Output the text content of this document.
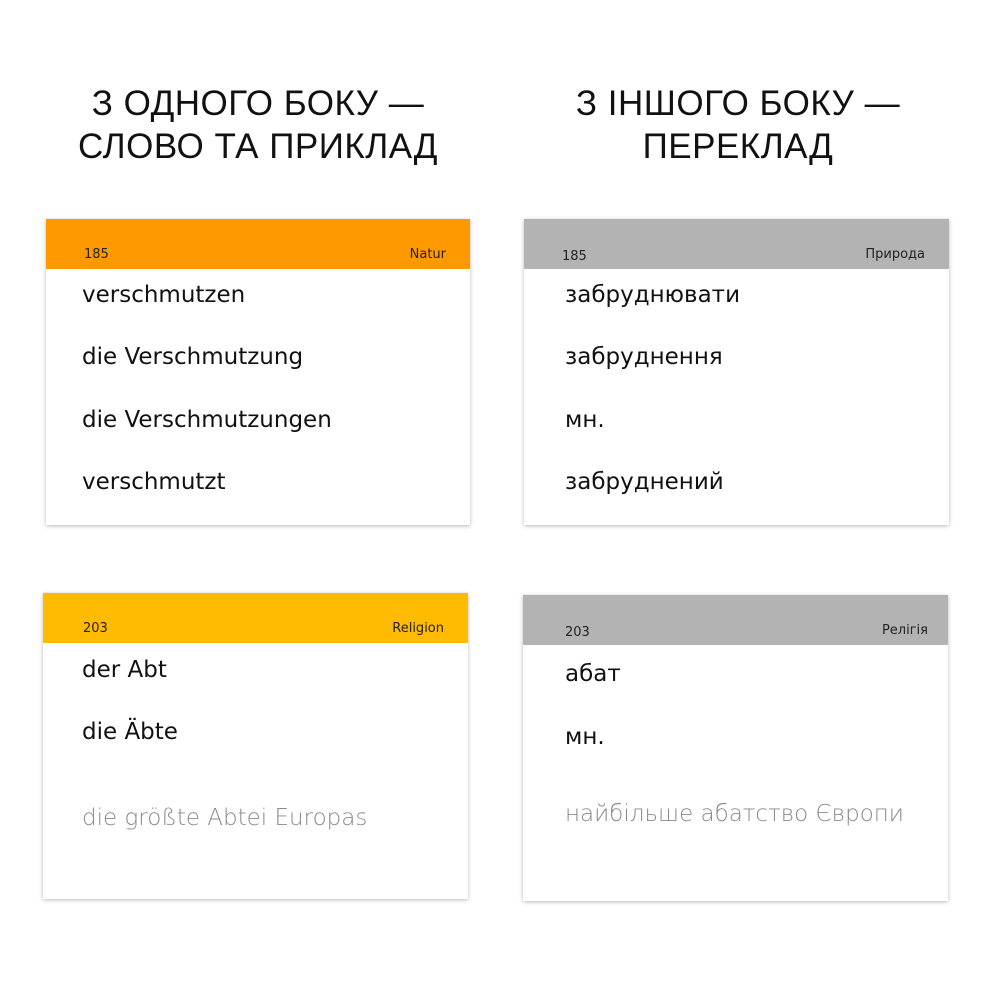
З ОДНОГО БОКУ —
СЛОВО ТА ПРИКЛАД
З ІНШОГО БОКУ —
ПЕРЕКЛАД
185	Natur
verschmutzen
die Verschmutzung
die Verschmutzungen
verschmutzt
185	Природа
забруднювати
забруднення
мн.
забруднений
203	Religion
der Abt
die Äbte
die größte Abtei Europas
203	Релігія
абат
мн.
найбільше абатство Європи
